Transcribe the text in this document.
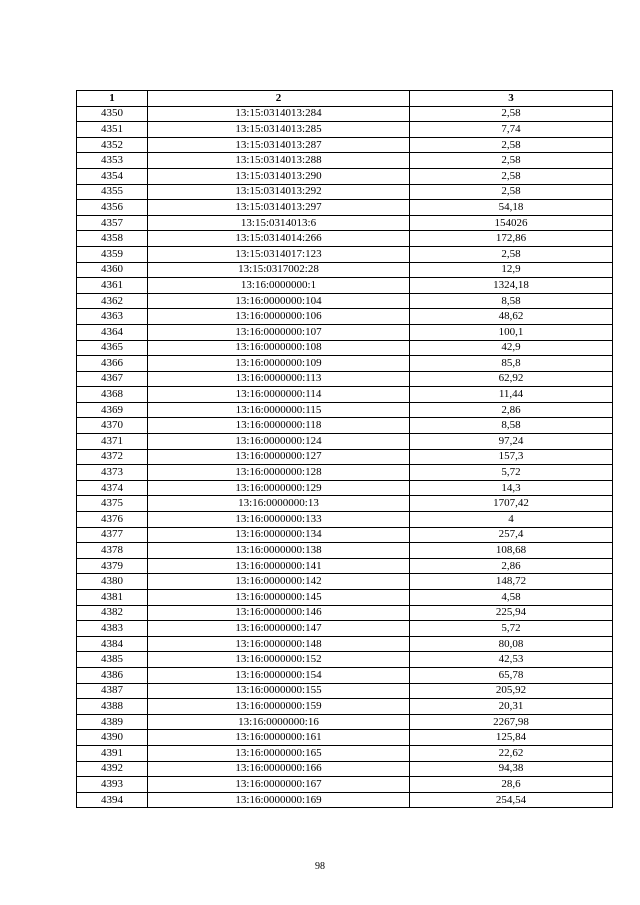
1	2	3
4350	13:15:0314013:284	2,58
4351	13:15:0314013:285	7,74
4352	13:15:0314013:287	2,58
4353	13:15:0314013:288	2,58
4354	13:15:0314013:290	2,58
4355	13:15:0314013:292	2,58
4356	13:15:0314013:297	54,18
4357	13:15:0314013:6	154026
4358	13:15:0314014:266	172,86
4359	13:15:0314017:123	2,58
4360	13:15:0317002:28	12,9
4361	13:16:0000000:1	1324,18
4362	13:16:0000000:104	8,58
4363	13:16:0000000:106	48,62
4364	13:16:0000000:107	100,1
4365	13:16:0000000:108	42,9
4366	13:16:0000000:109	85,8
4367	13:16:0000000:113	62,92
4368	13:16:0000000:114	11,44
4369	13:16:0000000:115	2,86
4370	13:16:0000000:118	8,58
4371	13:16:0000000:124	97,24
4372	13:16:0000000:127	157,3
4373	13:16:0000000:128	5,72
4374	13:16:0000000:129	14,3
4375	13:16:0000000:13	1707,42
4376	13:16:0000000:133	4
4377	13:16:0000000:134	257,4
4378	13:16:0000000:138	108,68
4379	13:16:0000000:141	2,86
4380	13:16:0000000:142	148,72
4381	13:16:0000000:145	4,58
4382	13:16:0000000:146	225,94
4383	13:16:0000000:147	5,72
4384	13:16:0000000:148	80,08
4385	13:16:0000000:152	42,53
4386	13:16:0000000:154	65,78
4387	13:16:0000000:155	205,92
4388	13:16:0000000:159	20,31
4389	13:16:0000000:16	2267,98
4390	13:16:0000000:161	125,84
4391	13:16:0000000:165	22,62
4392	13:16:0000000:166	94,38
4393	13:16:0000000:167	28,6
4394	13:16:0000000:169	254,54
98
